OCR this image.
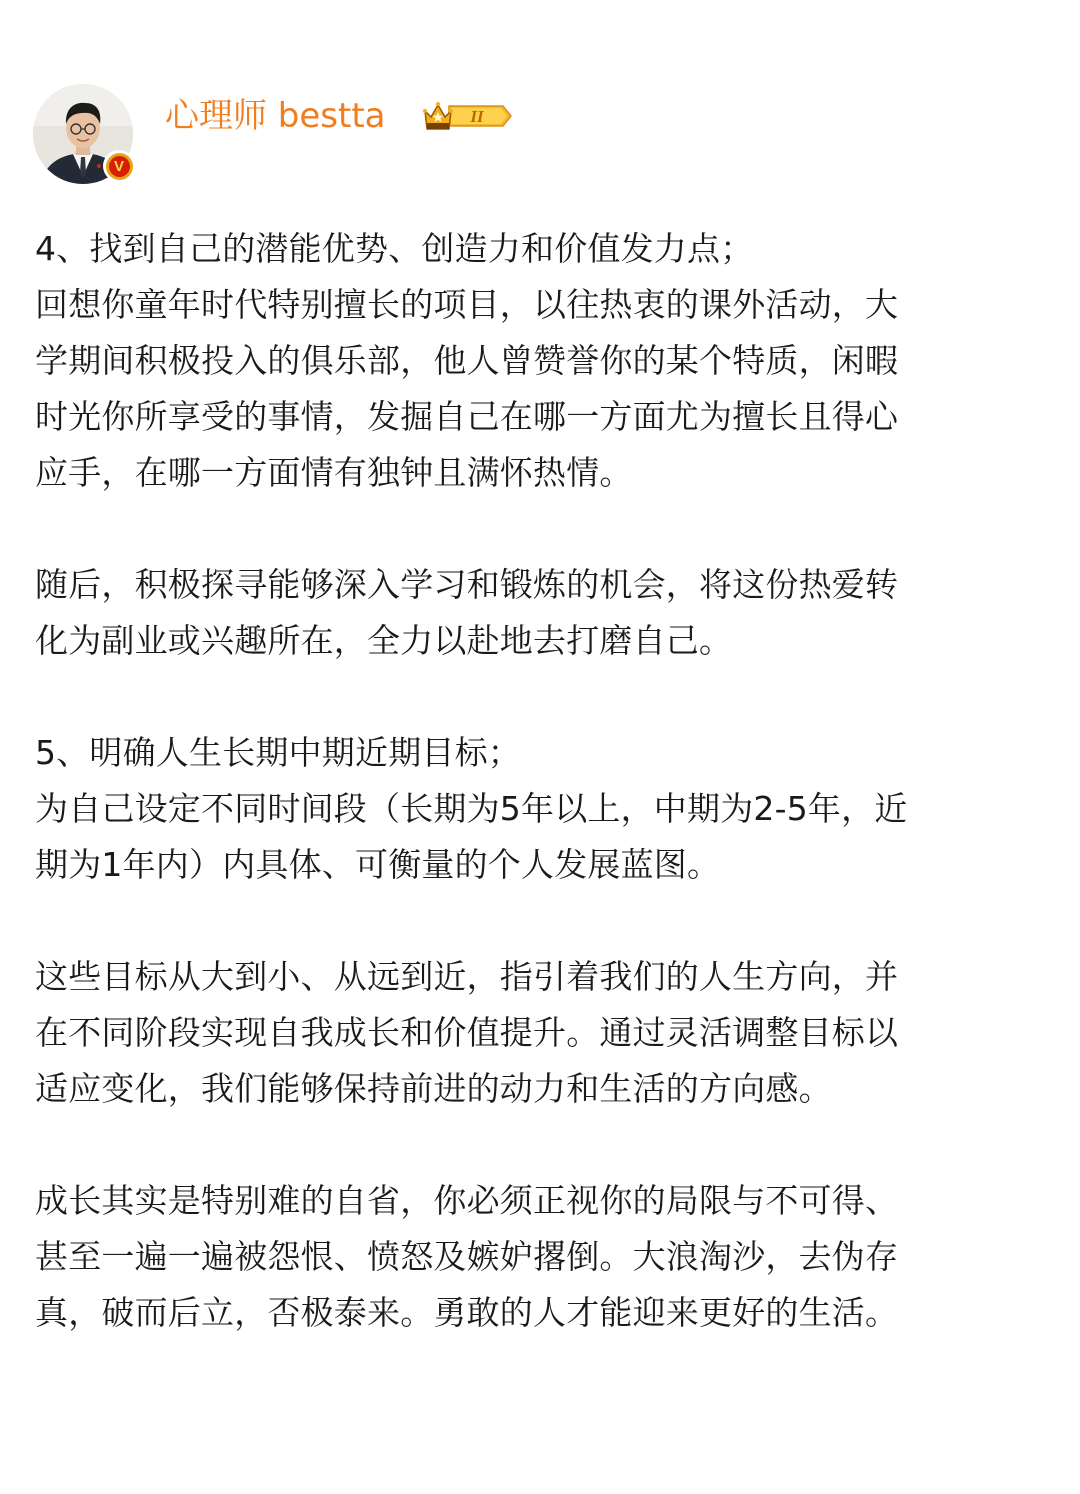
V
心理师 bestta	II
4、找到自己的潜能优势、创造力和价值发力点；
回想你童年时代特别擅长的项目，以往热衷的课外活动，大
学期间积极投入的俱乐部，他人曾赞誉你的某个特质，闲暇
时光你所享受的事情，发掘自己在哪一方面尤为擅长且得心
应手，在哪一方面情有独钟且满怀热情。
随后，积极探寻能够深入学习和锻炼的机会，将这份热爱转
化为副业或兴趣所在，全力以赴地去打磨自己。
5、明确人生长期中期近期目标；
为自己设定不同时间段（长期为5年以上，中期为2-5年，近
期为1年内）内具体、可衡量的个人发展蓝图。
这些目标从大到小、从远到近，指引着我们的人生方向，并
在不同阶段实现自我成长和价值提升。通过灵活调整目标以
适应变化，我们能够保持前进的动力和生活的方向感。
成长其实是特别难的自省，你必须正视你的局限与不可得、
甚至一遍一遍被怨恨、愤怒及嫉妒撂倒。大浪淘沙，去伪存
真，破而后立，否极泰来。勇敢的人才能迎来更好的生活。
